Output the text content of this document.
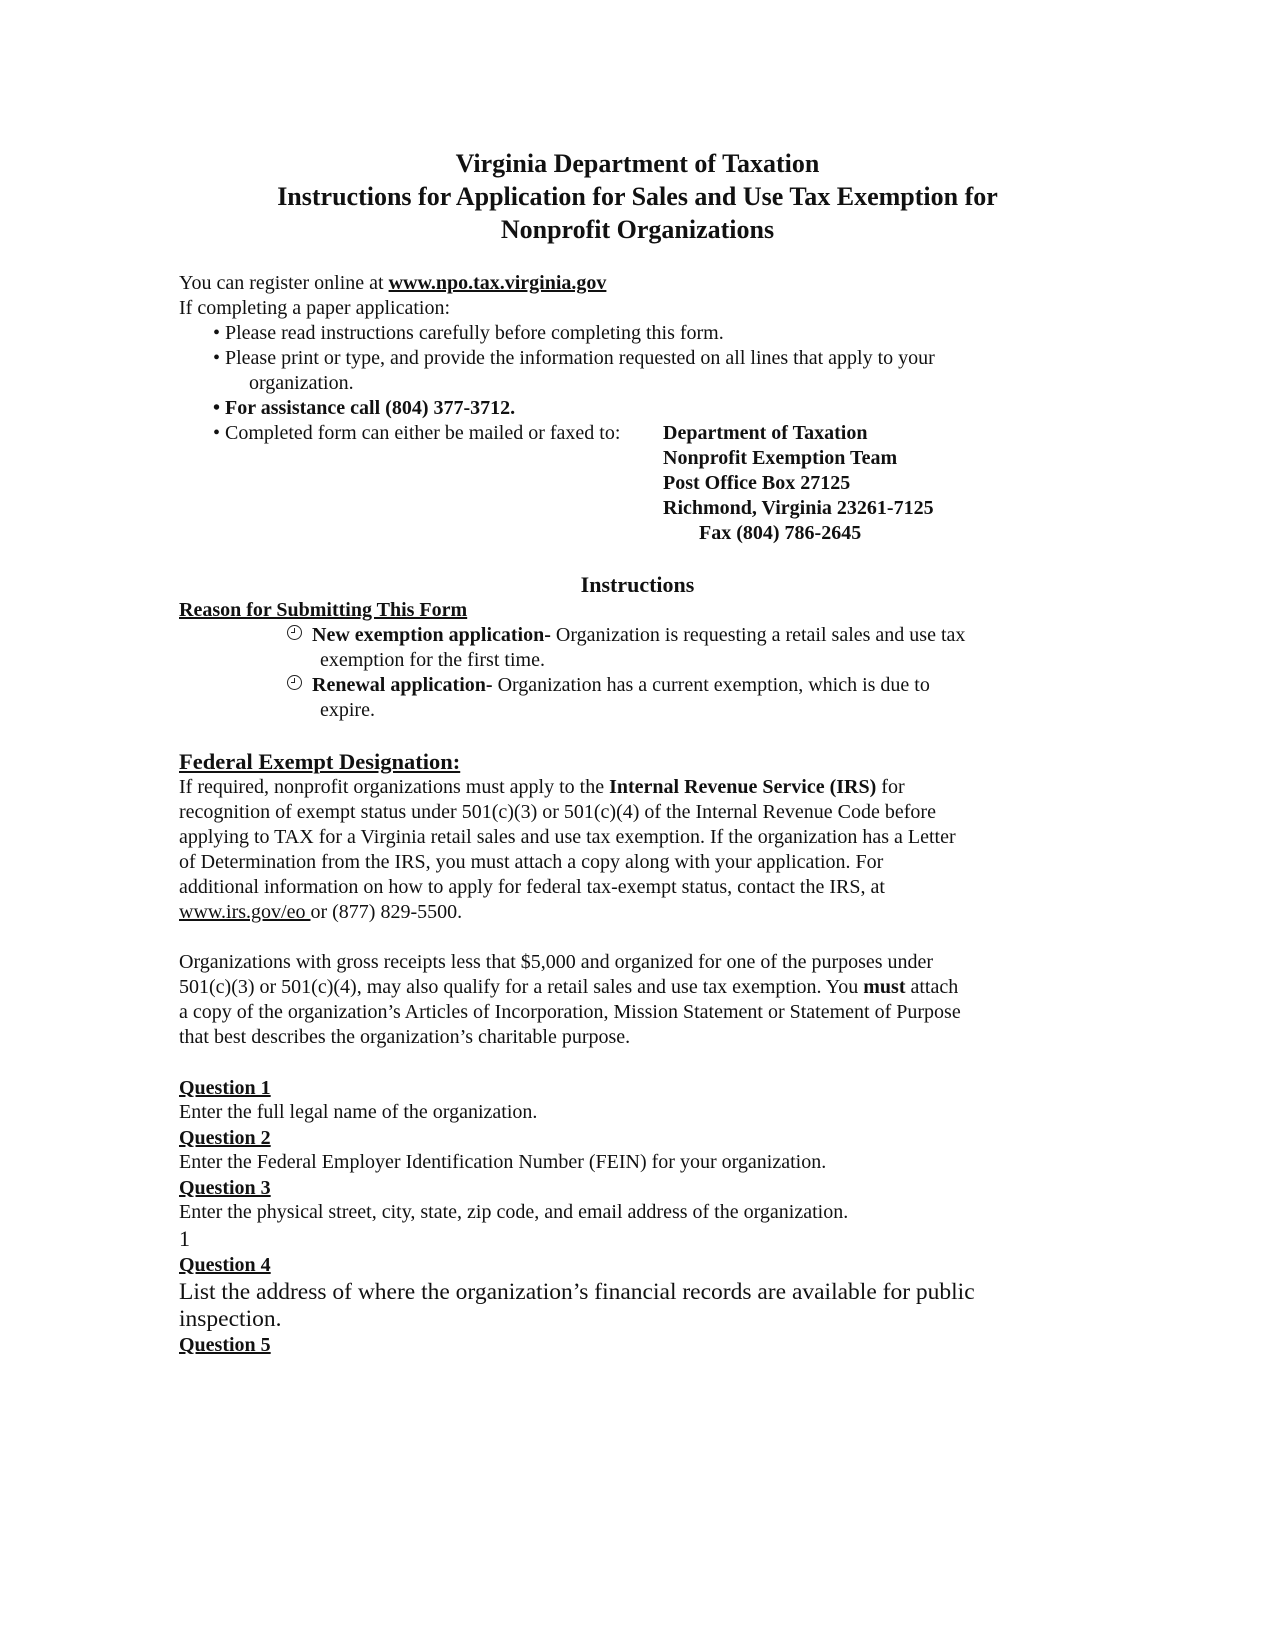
Virginia Department of Taxation
Instructions for Application for Sales and Use Tax Exemption for
Nonprofit Organizations
You can register online at www.npo.tax.virginia.gov
If completing a paper application:
• Please read instructions carefully before completing this form.
• Please print or type, and provide the information requested on all lines that apply to your
organization.
• For assistance call (804) 377-3712.
• Completed form can either be mailed or faxed to: Department of Taxation
Nonprofit Exemption Team
Post Office Box 27125
Richmond, Virginia 23261-7125
Fax (804) 786-2645
Instructions
Reason for Submitting This Form
New exemption application- Organization is requesting a retail sales and use tax
exemption for the first time.
Renewal application- Organization has a current exemption, which is due to
expire.
Federal Exempt Designation:
If required, nonprofit organizations must apply to the Internal Revenue Service (IRS) for
recognition of exempt status under 501(c)(3) or 501(c)(4) of the Internal Revenue Code before
applying to TAX for a Virginia retail sales and use tax exemption. If the organization has a Letter
of Determination from the IRS, you must attach a copy along with your application. For
additional information on how to apply for federal tax-exempt status, contact the IRS, at
www.irs.gov/eo or (877) 829-5500.
Organizations with gross receipts less that $5,000 and organized for one of the purposes under
501(c)(3) or 501(c)(4), may also qualify for a retail sales and use tax exemption. You must attach
a copy of the organization’s Articles of Incorporation, Mission Statement or Statement of Purpose
that best describes the organization’s charitable purpose.
Question 1
Enter the full legal name of the organization.
Question 2
Enter the Federal Employer Identification Number (FEIN) for your organization.
Question 3
Enter the physical street, city, state, zip code, and email address of the organization.
1
Question 4
List the address of where the organization’s financial records are available for public
inspection.
Question 5
